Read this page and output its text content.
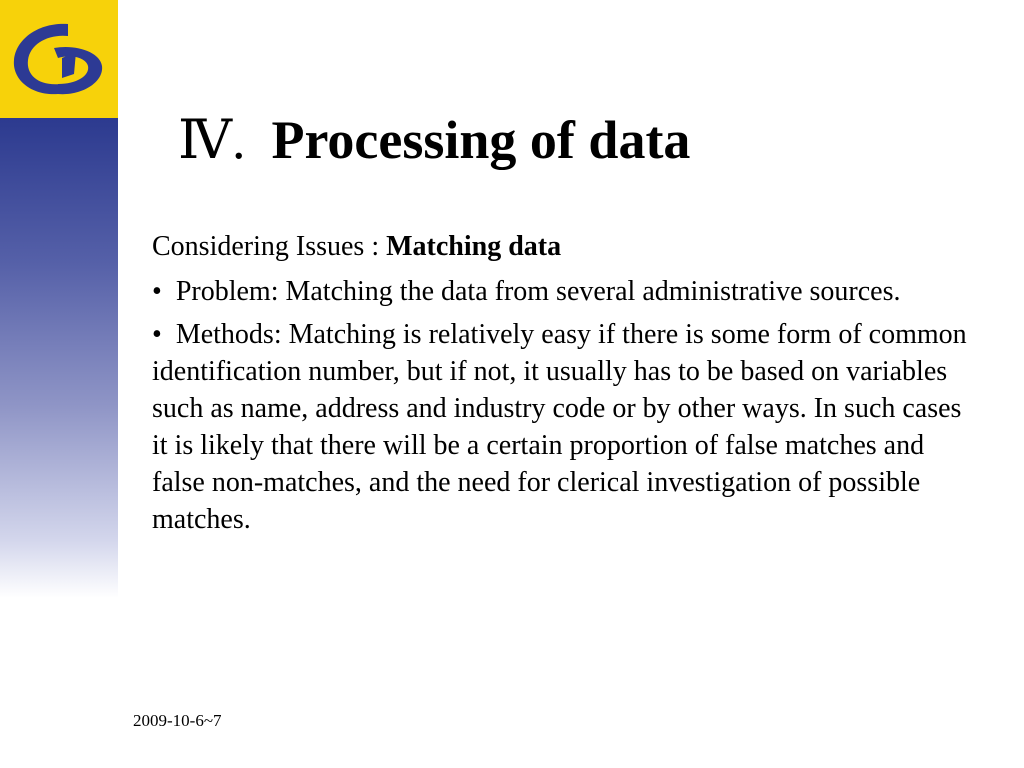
Ⅳ. Processing of data

Considering Issues : Matching data

• Problem: Matching the data from several administrative sources.

• Methods: Matching is relatively easy if there is some form of common identification number, but if not, it usually has to be based on variables such as name, address and industry code or by other ways. In such cases it is likely that there will be a certain proportion of false matches and false non-matches, and the need for clerical investigation of possible matches.

2009-10-6~7
